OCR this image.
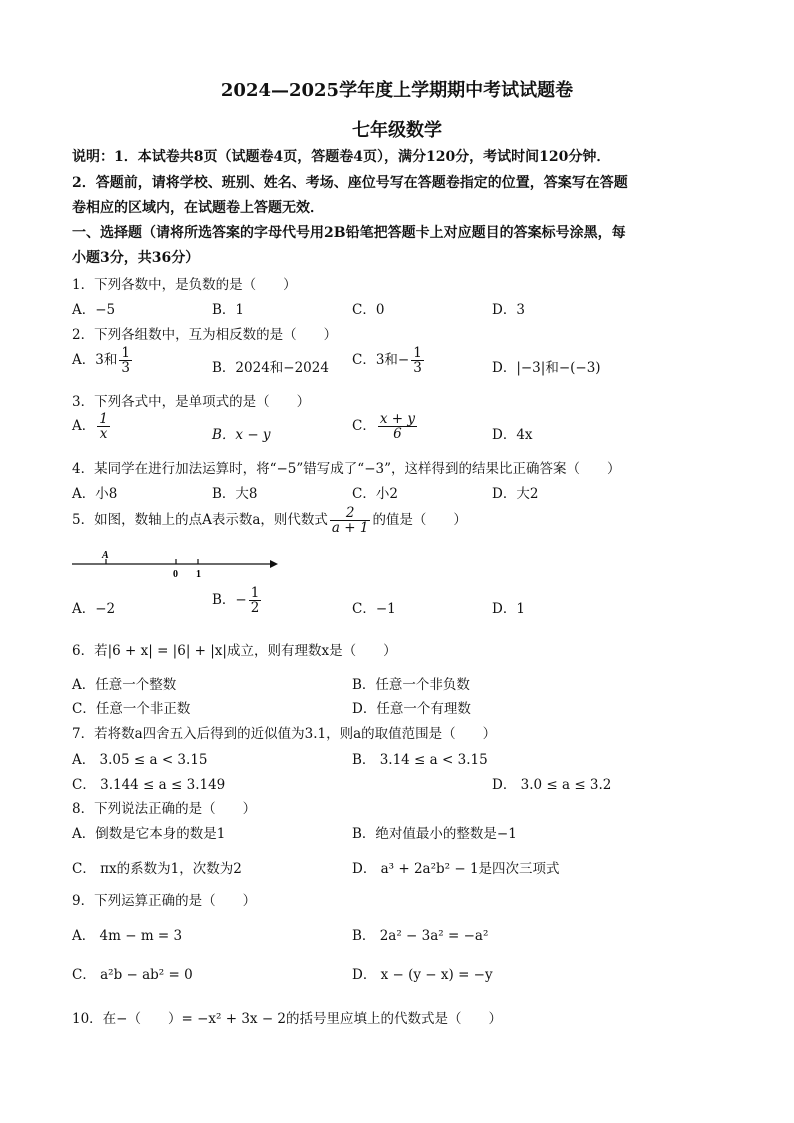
2024—2025学年度上学期期中考试试题卷
七年级数学
说明：1．本试卷共8页（试题卷4页，答题卷4页），满分120分，考试时间120分钟．
2．答题前，请将学校、班别、姓名、考场、座位号写在答题卷指定的位置，答案写在答题
卷相应的区域内，在试题卷上答题无效．
一、选择题（请将所选答案的字母代号用2B铅笔把答题卡上对应题目的答案标号涂黑，每
小题3分，共36分）
1．下列各数中，是负数的是（　　）
A．−5	B．1	C．0	D．3
2．下列各组数中，互为相反数的是（　　）
A．3和 $\frac{1}{3}$	B．2024和−2024 C．3和− $\frac{1}{3}$	D．|−3|和−(−3)
3．下列各式中，是单项式的是（　　）
A． $\frac{1}{x}$	B．x − y
C． $\frac{x + y}{6}$	D．4x
4．某同学在进行加法运算时，将“−5”错写成了“−3”，这样得到的结果比正确答案（　　）
A．小8	B．大8	C．小2	D．大2
5．如图，数轴上的点A表示数a，则代数式 $\frac{2}{a + 1}$ 的值是（　　）
A
0 1
A．−2
B．− $\frac{1}{2}$	C．−1	D．1
6．若|6 + x| = |6| + |x|成立，则有理数x是（　　）
A．任意一个整数	B．任意一个非负数
C．任意一个非正数	D．任意一个有理数
7．若将数a四舍五入后得到的近似值为3.1，则a的取值范围是（　　）
A． 3.05 ≤ a < 3.15	B． 3.14 ≤ a < 3.15
C． 3.144 ≤ a ≤ 3.149	D． 3.0 ≤ a ≤ 3.2
8．下列说法正确的是（　　）
A．倒数是它本身的数是1	B．绝对值最小的整数是−1
C． πx的系数为1，次数为2	D． a³ + 2a²b² − 1是四次三项式
9．下列运算正确的是（　　）
A． 4m − m = 3	B． 2a² − 3a² = −a²
C． a²b − ab² = 0	D． x − (y − x) = −y
10．在−（　　）= −x² + 3x − 2的括号里应填上的代数式是（　　）
